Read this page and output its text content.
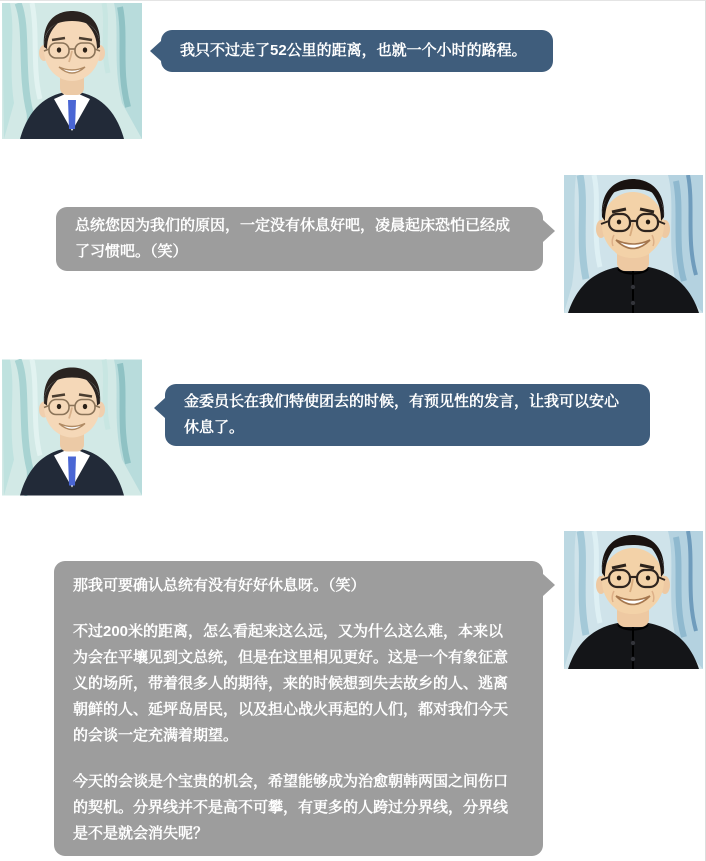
我只不过走了52公里的距离，也就一个小时的路程。

总统您因为我们的原因，一定没有休息好吧，凌晨起床恐怕已经成了习惯吧。（笑）

金委员长在我们特使团去的时候，有预见性的发言，让我可以安心休息了。

那我可要确认总统有没有好好休息呀。（笑）

不过200米的距离，怎么看起来这么远，又为什么这么难，本来以为会在平壤见到文总统，但是在这里相见更好。这是一个有象征意义的场所，带着很多人的期待，来的时候想到失去故乡的人、逃离朝鲜的人、延坪岛居民，以及担心战火再起的人们，都对我们今天的会谈一定充满着期望。

今天的会谈是个宝贵的机会，希望能够成为治愈朝韩两国之间伤口的契机。分界线并不是高不可攀，有更多的人跨过分界线，分界线是不是就会消失呢？
